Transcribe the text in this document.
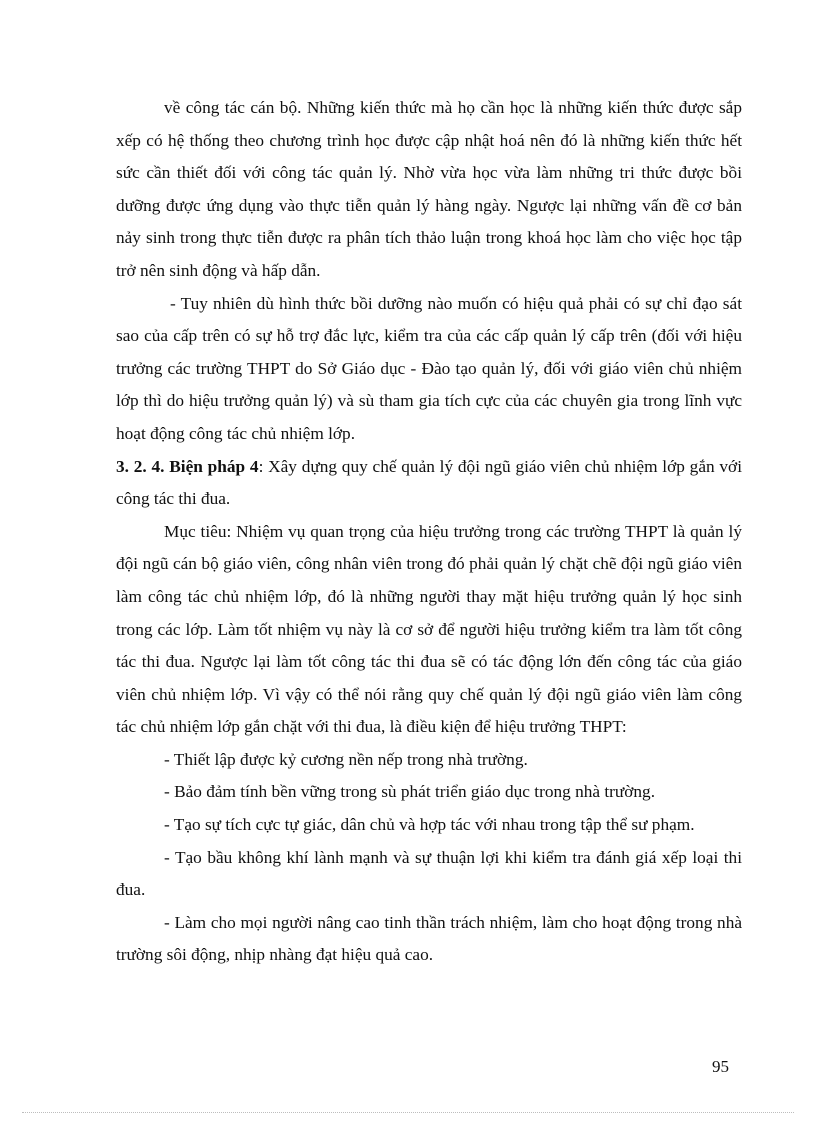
về công tác cán bộ. Những kiến thức mà họ cần học là những kiến thức được sắp xếp có hệ thống theo chương trình học được cập nhật hoá nên đó là những kiến thức hết sức cần thiết đối với công tác quản lý. Nhờ vừa học vừa làm những tri thức được bồi dưỡng được ứng dụng vào thực tiễn quản lý hàng ngày. Ngược lại những vấn đề cơ bản nảy sinh trong thực tiễn được ra phân tích thảo luận trong khoá học làm cho việc học tập trở nên sinh động và hấp dẫn.

- Tuy nhiên dù hình thức bồi dưỡng nào muốn có hiệu quả phải có sự chỉ đạo sát sao của cấp trên có sự hỗ trợ đắc lực, kiểm tra của các cấp quản lý cấp trên (đối với hiệu trưởng các trường THPT do Sở Giáo dục - Đào tạo quản lý, đối với giáo viên chủ nhiệm lớp thì do hiệu trưởng quản lý) và sù tham gia tích cực của các chuyên gia trong lĩnh vực hoạt động công tác chủ nhiệm lớp.

3. 2. 4. Biện pháp 4: Xây dựng quy chế quản lý đội ngũ giáo viên chủ nhiệm lớp gắn với công tác thi đua.

Mục tiêu: Nhiệm vụ quan trọng của hiệu trưởng trong các trường THPT là quản lý đội ngũ cán bộ giáo viên, công nhân viên trong đó phải quản lý chặt chẽ đội ngũ giáo viên làm công tác chủ nhiệm lớp, đó là những người thay mặt hiệu trưởng quản lý học sinh trong các lớp. Làm tốt nhiệm vụ này là cơ sở để người hiệu trưởng kiểm tra làm tốt công tác thi đua. Ngược lại làm tốt công tác thi đua sẽ có tác động lớn đến công tác của giáo viên chủ nhiệm lớp. Vì vậy có thể nói rằng quy chế quản lý đội ngũ giáo viên làm công tác chủ nhiệm lớp gắn chặt với thi đua, là điều kiện để hiệu trưởng THPT:

- Thiết lập được kỷ cương nền nếp trong nhà trường.

- Bảo đảm tính bền vững trong sù phát triển giáo dục trong nhà trường.

- Tạo sự tích cực tự giác, dân chủ và hợp tác với nhau trong tập thể sư phạm.

- Tạo bầu không khí lành mạnh và sự thuận lợi khi kiểm tra đánh giá xếp loại thi đua.

- Làm cho mọi người nâng cao tinh thần trách nhiệm, làm cho hoạt động trong nhà trường sôi động, nhịp nhàng đạt hiệu quả cao.

95
